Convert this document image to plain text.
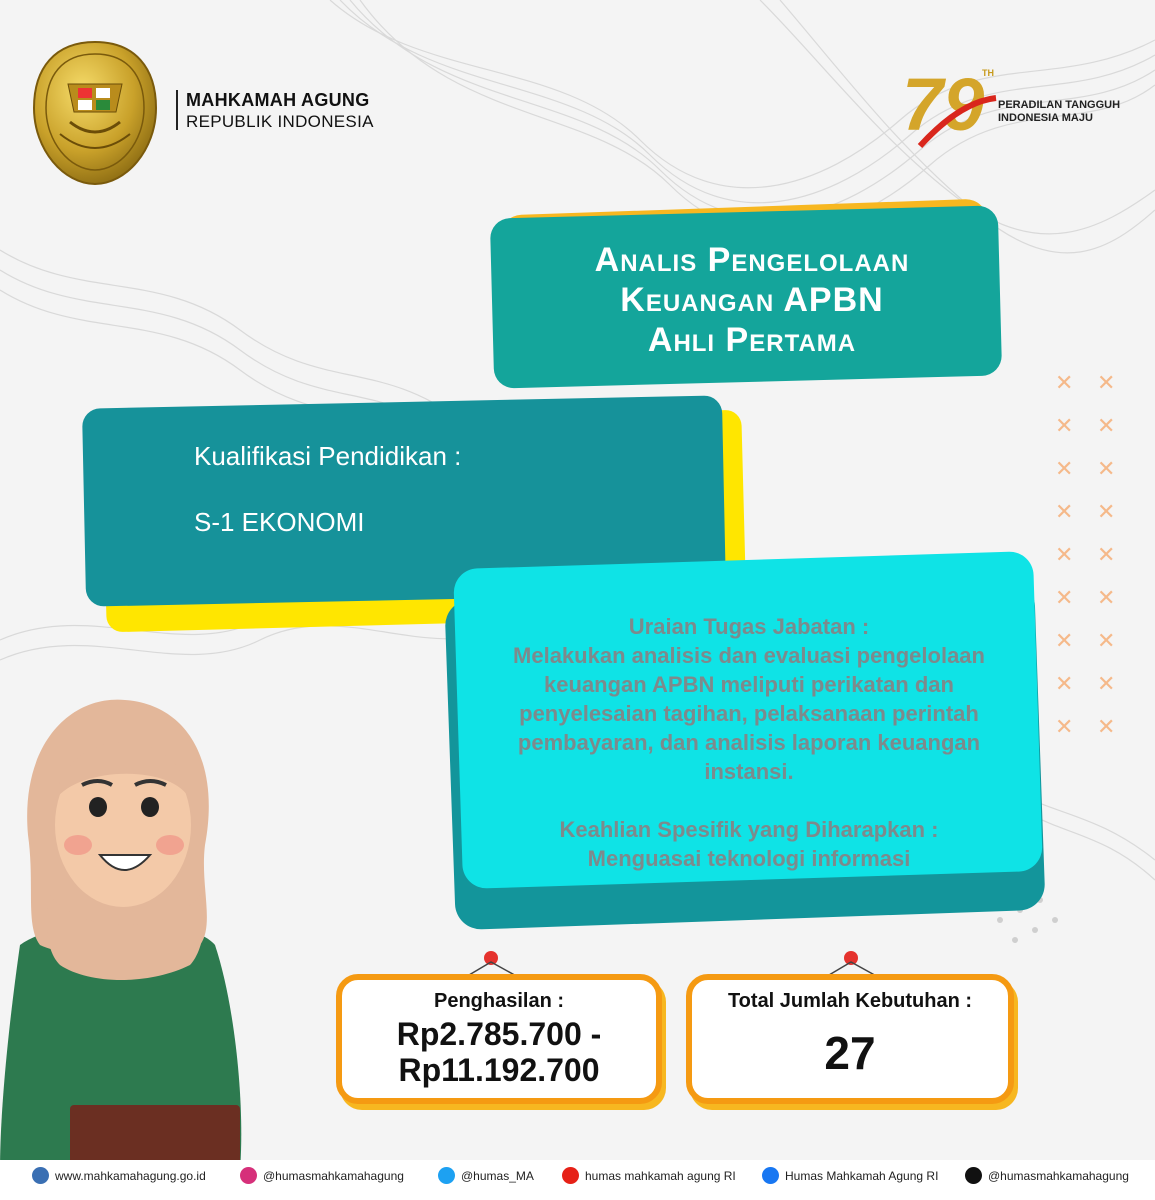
✕ ✕
✕ ✕
✕ ✕
✕ ✕
✕ ✕
✕ ✕
✕ ✕
✕ ✕
✕ ✕
MAHKAMAH AGUNG
REPUBLIK INDONESIA	79
TH
PERADILAN TANGGUH
INDONESIA MAJU
Analis Pengelolaan
Keuangan APBN
Ahli Pertama
Kualifikasi Pendidikan :
S-1 EKONOMI
Uraian Tugas Jabatan :
Melakukan analisis dan evaluasi pengelolaan keuangan APBN meliputi perikatan dan penyelesaian tagihan, pelaksanaan perintah pembayaran, dan analisis laporan keuangan instansi.
Keahlian Spesifik yang Diharapkan :
Menguasai teknologi informasi
Penghasilan :
Rp2.785.700 -
Rp11.192.700
Total Jumlah Kebutuhan :
27
www.mahkamahagung.go.id	@humasmahkamahagung	@humas_MA	humas mahkamah agung RI	Humas Mahkamah Agung RI	@humasmahkamahagung
